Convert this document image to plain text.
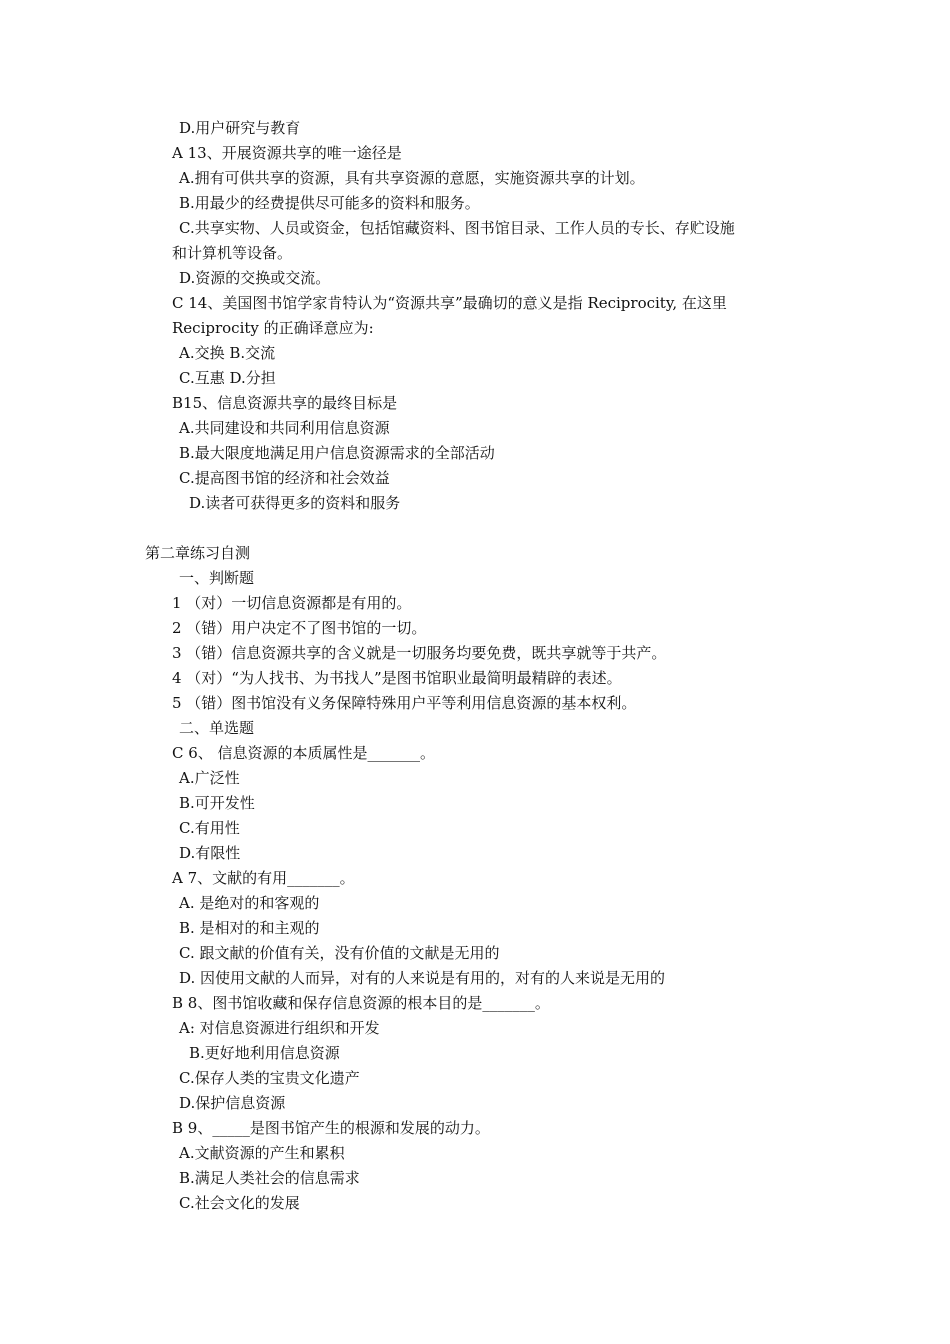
D.用户研究与教育

A 13、开展资源共享的唯一途径是

A.拥有可供共享的资源，具有共享资源的意愿，实施资源共享的计划。

B.用最少的经费提供尽可能多的资料和服务。

C.共享实物、人员或资金，包括馆藏资料、图书馆目录、工作人员的专长、存贮设施

和计算机等设备。

D.资源的交换或交流。

C 14、美国图书馆学家肯特认为“资源共享”最确切的意义是指 Reciprocity, 在这里

Reciprocity 的正确译意应为:

A.交换 B.交流

C.互惠 D.分担

B15、信息资源共享的最终目标是

A.共同建设和共同利用信息资源

B.最大限度地满足用户信息资源需求的全部活动

C.提高图书馆的经济和社会效益

D.读者可获得更多的资料和服务

第二章练习自测

一、判断题

1 （对）一切信息资源都是有用的。

2 （错）用户决定不了图书馆的一切。

3 （错）信息资源共享的含义就是一切服务均要免费，既共享就等于共产。

4 （对）“为人找书、为书找人”是图书馆职业最简明最精辟的表述。

5 （错）图书馆没有义务保障特殊用户平等利用信息资源的基本权利。

二、单选题

C 6、 信息资源的本质属性是_______。

A.广泛性

B.可开发性

C.有用性

D.有限性

A 7、文献的有用_______。

A. 是绝对的和客观的

B. 是相对的和主观的

C. 跟文献的价值有关，没有价值的文献是无用的

D. 因使用文献的人而异，对有的人来说是有用的，对有的人来说是无用的

B 8、图书馆收藏和保存信息资源的根本目的是_______。

A: 对信息资源进行组织和开发

B.更好地利用信息资源

C.保存人类的宝贵文化遗产

D.保护信息资源

B 9、_____是图书馆产生的根源和发展的动力。

A.文献资源的产生和累积

B.满足人类社会的信息需求

C.社会文化的发展
